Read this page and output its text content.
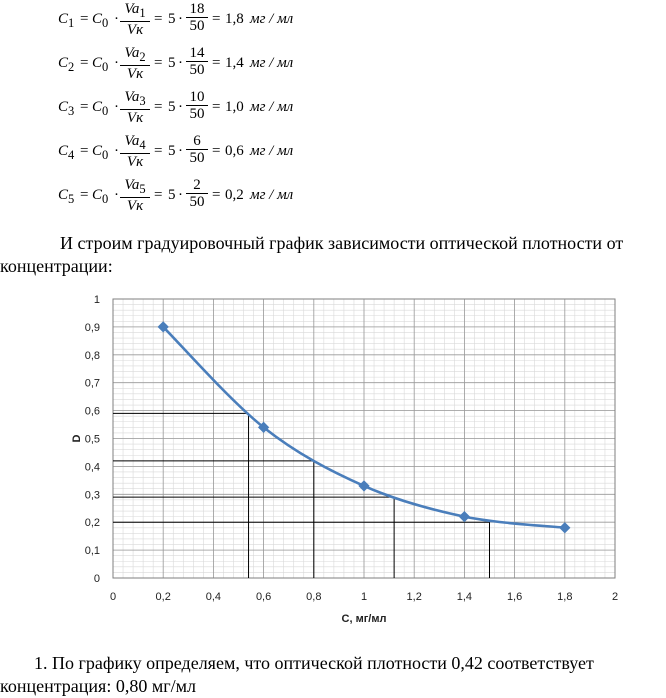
$C_1 = C_0$ ·
$Va_1$
Vк
= $5 \cdot \frac{18}{50} = 1,8$ мг / мл
$C_2 = C_0$ ·
$Va_2$
Vк
= $5 \cdot \frac{14}{50} = 1,4$ мг / мл
$C_3 = C_0$ ·
$Va_3$
Vк
= $5 \cdot \frac{10}{50} = 1,0$ мг / мл
$C_4 = C_0$ ·
$Va_4$
Vк
= $5 \cdot \frac{6}{50} = 0,6$ мг / мл
$C_5 = C_0$ ·
$Va_5$
Vк
= $5 \cdot \frac{2}{50} = 0,2$ мг / мл
И строим градуировочный график зависимости оптической плотности от
концентрации:
0
0,1
0,2
0,3
0,4
0,5
0,6
0,7
0,8
0,9
1
0	0,2	0,4	0,6	0,8	1	1,2	1,4	1,6	1,8	2
C, мг/мл
D
1. По графику определяем, что оптической плотности 0,42 соответствует
концентрация: 0,80 мг/мл
